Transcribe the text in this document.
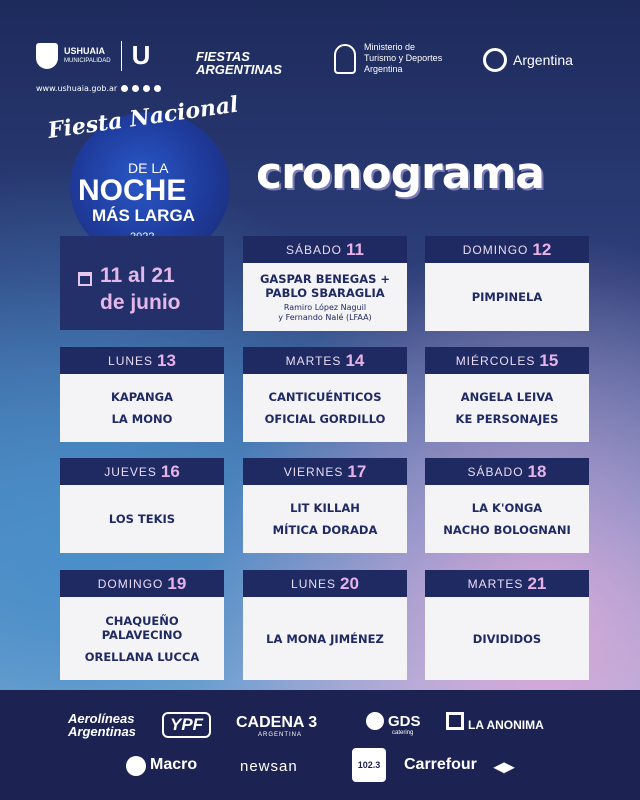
USHUAIA
MUNICIPALIDAD U
www.ushuaia.gob.ar
FIESTAS
ARGENTINAS
Ministerio de
Turismo y Deportes
Argentina
Argentina
Fiesta Nacional
DE LA
NOCHE
MÁS LARGA
cronograma
11 al 21
de junio
SÁBADO 11
GASPAR BENEGAS +
PABLO SBARAGLIA
Ramiro López Naguil
y Fernando Nalé (LFAA)
DOMINGO 12
PIMPINELA
LUNES 13
KAPANGA
LA MONO
MARTES 14
CANTICUÉNTICOS
OFICIAL GORDILLO
MIÉRCOLES 15
ANGELA LEIVA
KE PERSONAJES
JUEVES 16
LOS TEKIS
VIERNES 17
LIT KILLAH
MÍTICA DORADA
SÁBADO 18
LA K'ONGA
NACHO BOLOGNANI
DOMINGO 19
CHAQUEÑO
PALAVECINO
ORELLANA LUCCA
LUNES 20
LA MONA JIMÉNEZ
MARTES 21
DIVIDIDOS
Aerolíneas
Argentinas	YPF	CADENA 3
ARGENTINA
GDS
catering
LA ANONIMA
Macro	newsan	102.3	Carrefour ◂▸
